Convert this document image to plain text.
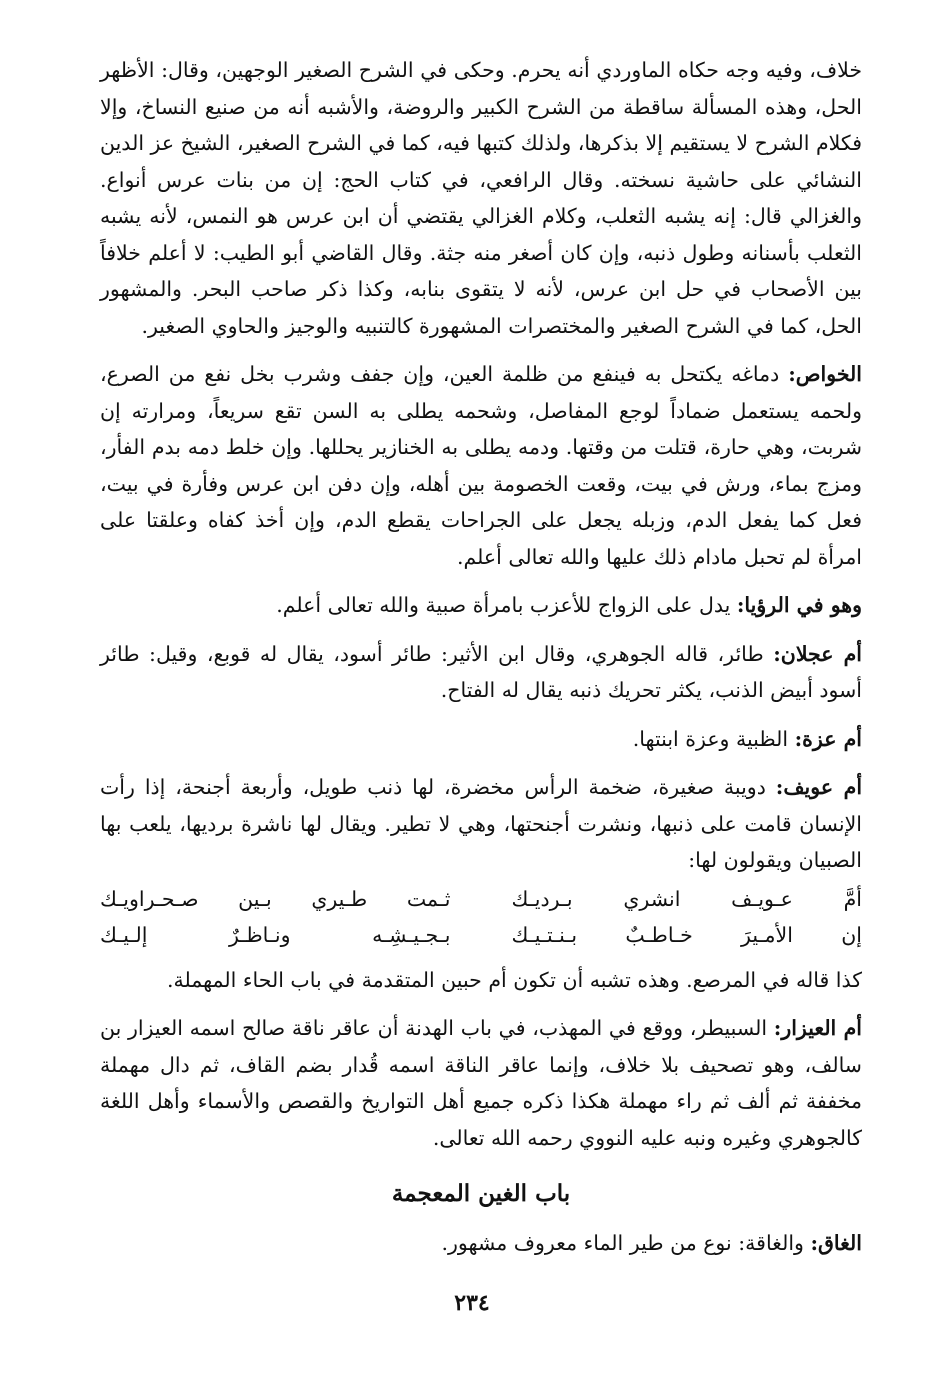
خلاف، وفيه وجه حكاه الماوردي أنه يحرم. وحكى في الشرح الصغير الوجهين، وقال: الأظهر الحل، وهذه المسألة ساقطة من الشرح الكبير والروضة، والأشبه أنه من صنيع النساخ، وإلا فكلام الشرح لا يستقيم إلا بذكرها، ولذلك كتبها فيه، كما في الشرح الصغير، الشيخ عز الدين النشائي على حاشية نسخته. وقال الرافعي، في كتاب الحج: إن من بنات عرس أنواع. والغزالي قال: إنه يشبه الثعلب، وكلام الغزالي يقتضي أن ابن عرس هو النمس، لأنه يشبه الثعلب بأسنانه وطول ذنبه، وإن كان أصغر منه جثة. وقال القاضي أبو الطيب: لا أعلم خلافاً بين الأصحاب في حل ابن عرس، لأنه لا يتقوى بنابه، وكذا ذكر صاحب البحر. والمشهور الحل، كما في الشرح الصغير والمختصرات المشهورة كالتنبيه والوجيز والحاوي الصغير.

الخواص: دماغه يكتحل به فينفع من ظلمة العين، وإن جفف وشرب بخل نفع من الصرع، ولحمه يستعمل ضماداً لوجع المفاصل، وشحمه يطلى به السن تقع سريعاً، ومرارته إن شربت، وهي حارة، قتلت من وقتها. ودمه يطلى به الخنازير يحللها. وإن خلط دمه بدم الفأر، ومزج بماء، ورش في بيت، وقعت الخصومة بين أهله، وإن دفن ابن عرس وفأرة في بيت، فعل كما يفعل الدم، وزبله يجعل على الجراحات يقطع الدم، وإن أخذ كفاه وعلقتا على امرأة لم تحبل مادام ذلك عليها والله تعالى أعلم.

وهو في الرؤيا: يدل على الزواج للأعزب بامرأة صبية والله تعالى أعلم.

أم عجلان: طائر، قاله الجوهري، وقال ابن الأثير: طائر أسود، يقال له قوبع، وقيل: طائر أسود أبيض الذنب، يكثر تحريك ذنبه يقال له الفتاح.

أم عزة: الظبية وعزة ابنتها.

أم عويف: دويبة صغيرة، ضخمة الرأس مخضرة، لها ذنب طويل، وأربعة أجنحة، إذا رأت الإنسان قامت على ذنبها، ونشرت أجنحتها، وهي لا تطير. ويقال لها ناشرة برديها، يلعب بها الصبيان ويقولون لها:

أمَّ عـويـف انشري بـرديـك
ثـمت طـيري بـين صـحـراويـك
إن الأمـيرَ خـاطـبٌ بـنـتـيـك
بـجـيـشِـه ونـاظـرٌ إلـيـك

كذا قاله في المرصع. وهذه تشبه أن تكون أم حبين المتقدمة في باب الحاء المهملة.

أم العيزار: السبيطر، ووقع في المهذب، في باب الهدنة أن عاقر ناقة صالح اسمه العيزار بن سالف، وهو تصحيف بلا خلاف، وإنما عاقر الناقة اسمه قُدار بضم القاف، ثم دال مهملة مخففة ثم ألف ثم راء مهملة هكذا ذكره جميع أهل التواريخ والقصص والأسماء وأهل اللغة كالجوهري وغيره ونبه عليه النووي رحمه الله تعالى.

باب الغين المعجمة

الغاق: والغاقة: نوع من طير الماء معروف مشهور.

٢٣٤
